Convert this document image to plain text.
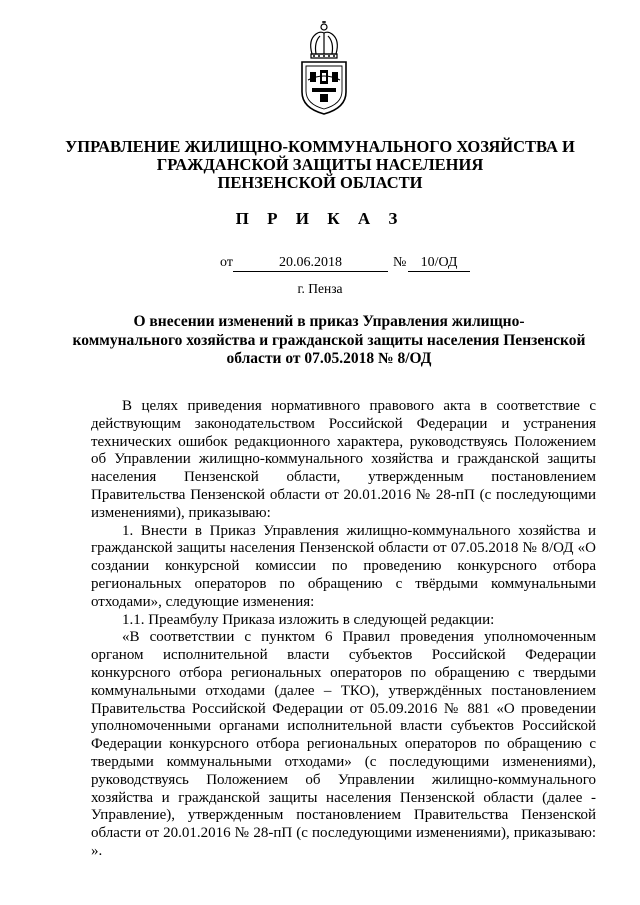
УПРАВЛЕНИЕ ЖИЛИЩНО-КОММУНАЛЬНОГО ХОЗЯЙСТВА И
ГРАЖДАНСКОЙ ЗАЩИТЫ НАСЕЛЕНИЯ
ПЕНЗЕНСКОЙ ОБЛАСТИ
П Р И К А З
от	20.06.2018	№	10/ОД
г. Пенза
О внесении изменений в приказ Управления жилищно-
коммунального хозяйства и гражданской защиты населения Пензенской
области от 07.05.2018 № 8/ОД

В целях приведения нормативного правового акта в соответствие с действующим законодательством Российской Федерации и устранения технических ошибок редакционного характера, руководствуясь Положением об Управлении жилищно-коммунального хозяйства и гражданской защиты населения Пензенской области, утвержденным постановлением Правительства Пензенской области от 20.01.2016 № 28-пП (с последующими изменениями), приказываю:

1. Внести в Приказ Управления жилищно-коммунального хозяйства и гражданской защиты населения Пензенской области от 07.05.2018 № 8/ОД «О создании конкурсной комиссии по проведению конкурсного отбора региональных операторов по обращению с твёрдыми коммунальными отходами», следующие изменения:

1.1. Преамбулу Приказа изложить в следующей редакции:

«В соответствии с пунктом 6 Правил проведения уполномоченным органом исполнительной власти субъектов Российской Федерации конкурсного отбора региональных операторов по обращению с твердыми коммунальными отходами (далее – ТКО), утверждённых постановлением Правительства Российской Федерации от 05.09.2016 № 881 «О проведении уполномоченными органами исполнительной власти субъектов Российской Федерации конкурсного отбора региональных операторов по обращению с твердыми коммунальными отходами» (с последующими изменениями), руководствуясь Положением об Управлении жилищно-коммунального хозяйства и гражданской защиты населения Пензенской области (далее - Управление), утвержденным постановлением Правительства Пензенской области от 20.01.2016 № 28-пП (с последующими изменениями), приказываю: ».
